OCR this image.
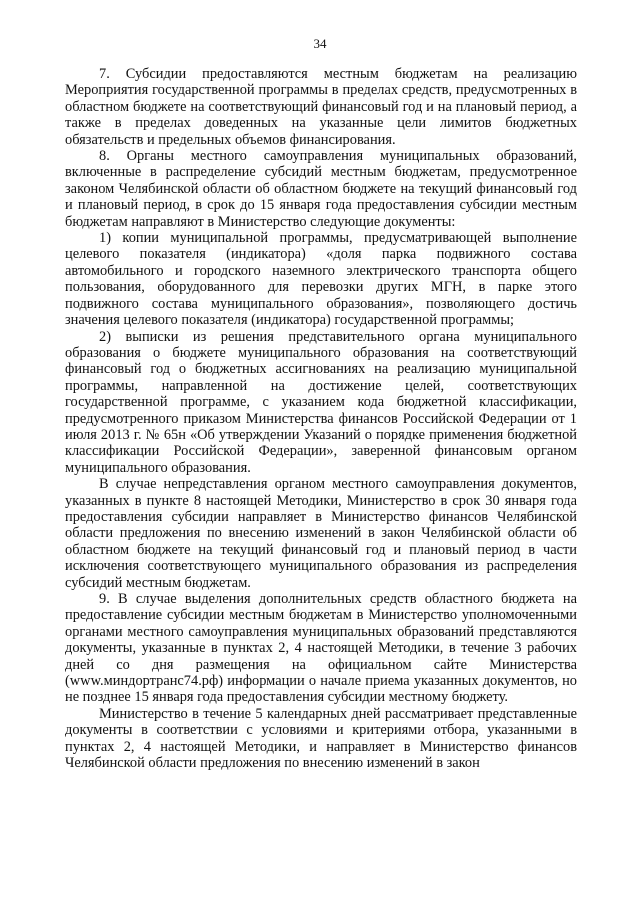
34

7. Субсидии предоставляются местным бюджетам на реализацию Мероприятия государственной программы в пределах средств, предусмотренных в областном бюджете на соответствующий финансовый год и на плановый период, а также в пределах доведенных на указанные цели лимитов бюджетных обязательств и предельных объемов финансирования.

8. Органы местного самоуправления муниципальных образований, включенные в распределение субсидий местным бюджетам, предусмотренное законом Челябинской области об областном бюджете на текущий финансовый год и плановый период, в срок до 15 января года предоставления субсидии местным бюджетам направляют в Министерство следующие документы:

1) копии муниципальной программы, предусматривающей выполнение целевого показателя (индикатора) «доля парка подвижного состава автомобильного и городского наземного электрического транспорта общего пользования, оборудованного для перевозки других МГН, в парке этого подвижного состава муниципального образования», позволяющего достичь значения целевого показателя (индикатора) государственной программы;

2) выписки из решения представительного органа муниципального образования о бюджете муниципального образования на соответствующий финансовый год о бюджетных ассигнованиях на реализацию муниципальной программы, направленной на достижение целей, соответствующих государственной программе, с указанием кода бюджетной классификации, предусмотренного приказом Министерства финансов Российской Федерации от 1 июля 2013 г. № 65н «Об утверждении Указаний о порядке применения бюджетной классификации Российской Федерации», заверенной финансовым органом муниципального образования.

В случае непредставления органом местного самоуправления документов, указанных в пункте 8 настоящей Методики, Министерство в срок 30 января года предоставления субсидии направляет в Министерство финансов Челябинской области предложения по внесению изменений в закон Челябинской области об областном бюджете на текущий финансовый год и плановый период в части исключения соответствующего муниципального образования из распределения субсидий местным бюджетам.

9. В случае выделения дополнительных средств областного бюджета на предоставление субсидии местным бюджетам в Министерство уполномоченными органами местного самоуправления муниципальных образований представляются документы, указанные в пунктах 2, 4 настоящей Методики, в течение 3 рабочих дней со дня размещения на официальном сайте Министерства (www.миндортранс74.рф) информации о начале приема указанных документов, но не позднее 15 января года предоставления субсидии местному бюджету.

Министерство в течение 5 календарных дней рассматривает представленные документы в соответствии с условиями и критериями отбора, указанными в пунктах 2, 4 настоящей Методики, и направляет в Министерство финансов Челябинской области предложения по внесению изменений в закон
